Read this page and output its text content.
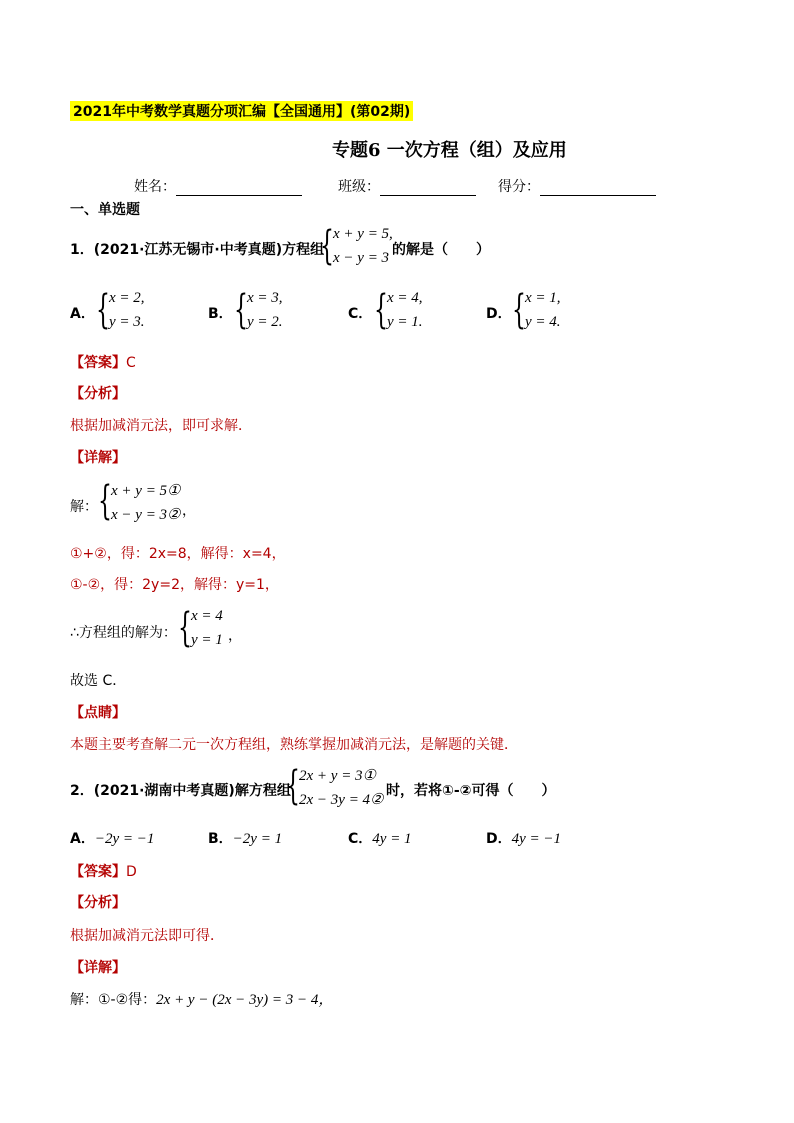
2021年中考数学真题分项汇编【全国通用】(第02期)
专题6 一次方程（组）及应用
姓名：	班级：	得分：
一、单选题
1．(2021·江苏无锡市·中考真题)方程组
{ x + y = 5,
x − y = 3 的解是（　　）
A． { x = 2,
y = 3.	B． { x = 3,
y = 2.	C． { x = 4,
y = 1.	D． { x = 1,
y = 4.
【答案】C
【分析】
根据加减消元法，即可求解．
【详解】
解： { x + y = 5①
x − y = 3② ，
①+②，得：2x=8，解得：x=4，
①-②，得：2y=2，解得：y=1，
∴方程组的解为： { x = 4
y = 1 ，
故选 C．
【点睛】
本题主要考查解二元一次方程组，熟练掌握加减消元法，是解题的关键．
2．(2021·湖南中考真题)解方程组
{ 2x + y = 3①
2x − 3y = 4②
时，若将①-②可得（　　）
A．−2y = −1	B．−2y = 1	C．4y = 1	D．4y = −1
【答案】D
【分析】
根据加减消元法即可得．
【详解】
解：①-②得：2x + y − (2x − 3y) = 3 − 4，
